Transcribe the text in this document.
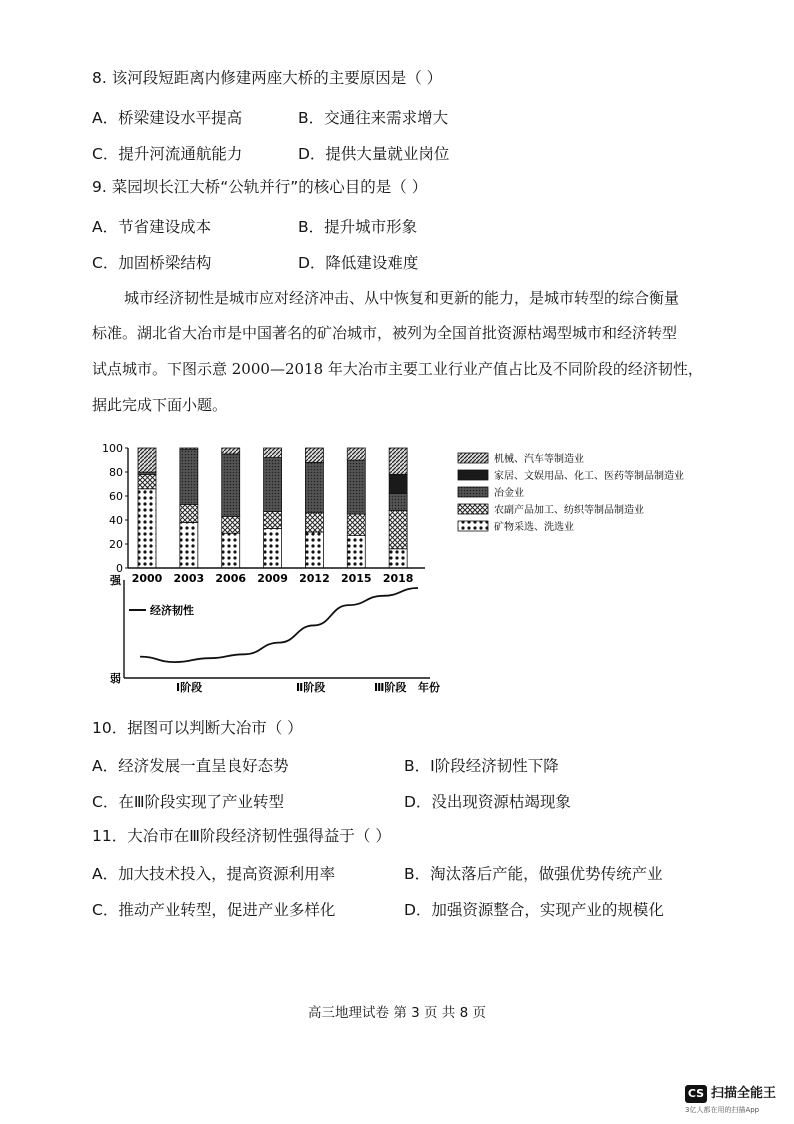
8. 该河段短距离内修建两座大桥的主要原因是（ ）
A．桥梁建设水平提高	B．交通往来需求增大
C．提升河流通航能力	D．提供大量就业岗位
9. 菜园坝长江大桥“公轨并行”的核心目的是（ ）
A．节省建设成本	B．提升城市形象
C．加固桥梁结构	D．降低建设难度
城市经济韧性是城市应对经济冲击、从中恢复和更新的能力，是城市转型的综合衡量
标准。湖北省大冶市是中国著名的矿冶城市，被列为全国首批资源枯竭型城市和经济转型
试点城市。下图示意 2000—2018 年大冶市主要工业行业产值占比及不同阶段的经济韧性，
据此完成下面小题。
0
20
40
60
80
100
2000 2003 2006 2009 2012 2015 2018
机械、汽车等制造业
家居、文娱用品、化工、医药等制品制造业
冶金业
农副产品加工、纺织等制品制造业
矿物采选、洗选业
强
弱
经济韧性
Ⅰ阶段	Ⅱ阶段	Ⅲ阶段 年份
10．据图可以判断大冶市（ ）
A．经济发展一直呈良好态势	B．Ⅰ阶段经济韧性下降
C．在Ⅲ阶段实现了产业转型	D．没出现资源枯竭现象
11．大冶市在Ⅲ阶段经济韧性强得益于（ ）
A．加大技术投入，提高资源利用率	B．淘汰落后产能，做强优势传统产业
C．推动产业转型，促进产业多样化	D．加强资源整合，实现产业的规模化
高三地理试卷 第 3 页 共 8 页
CS 扫描全能王
3亿人都在用的扫描App
